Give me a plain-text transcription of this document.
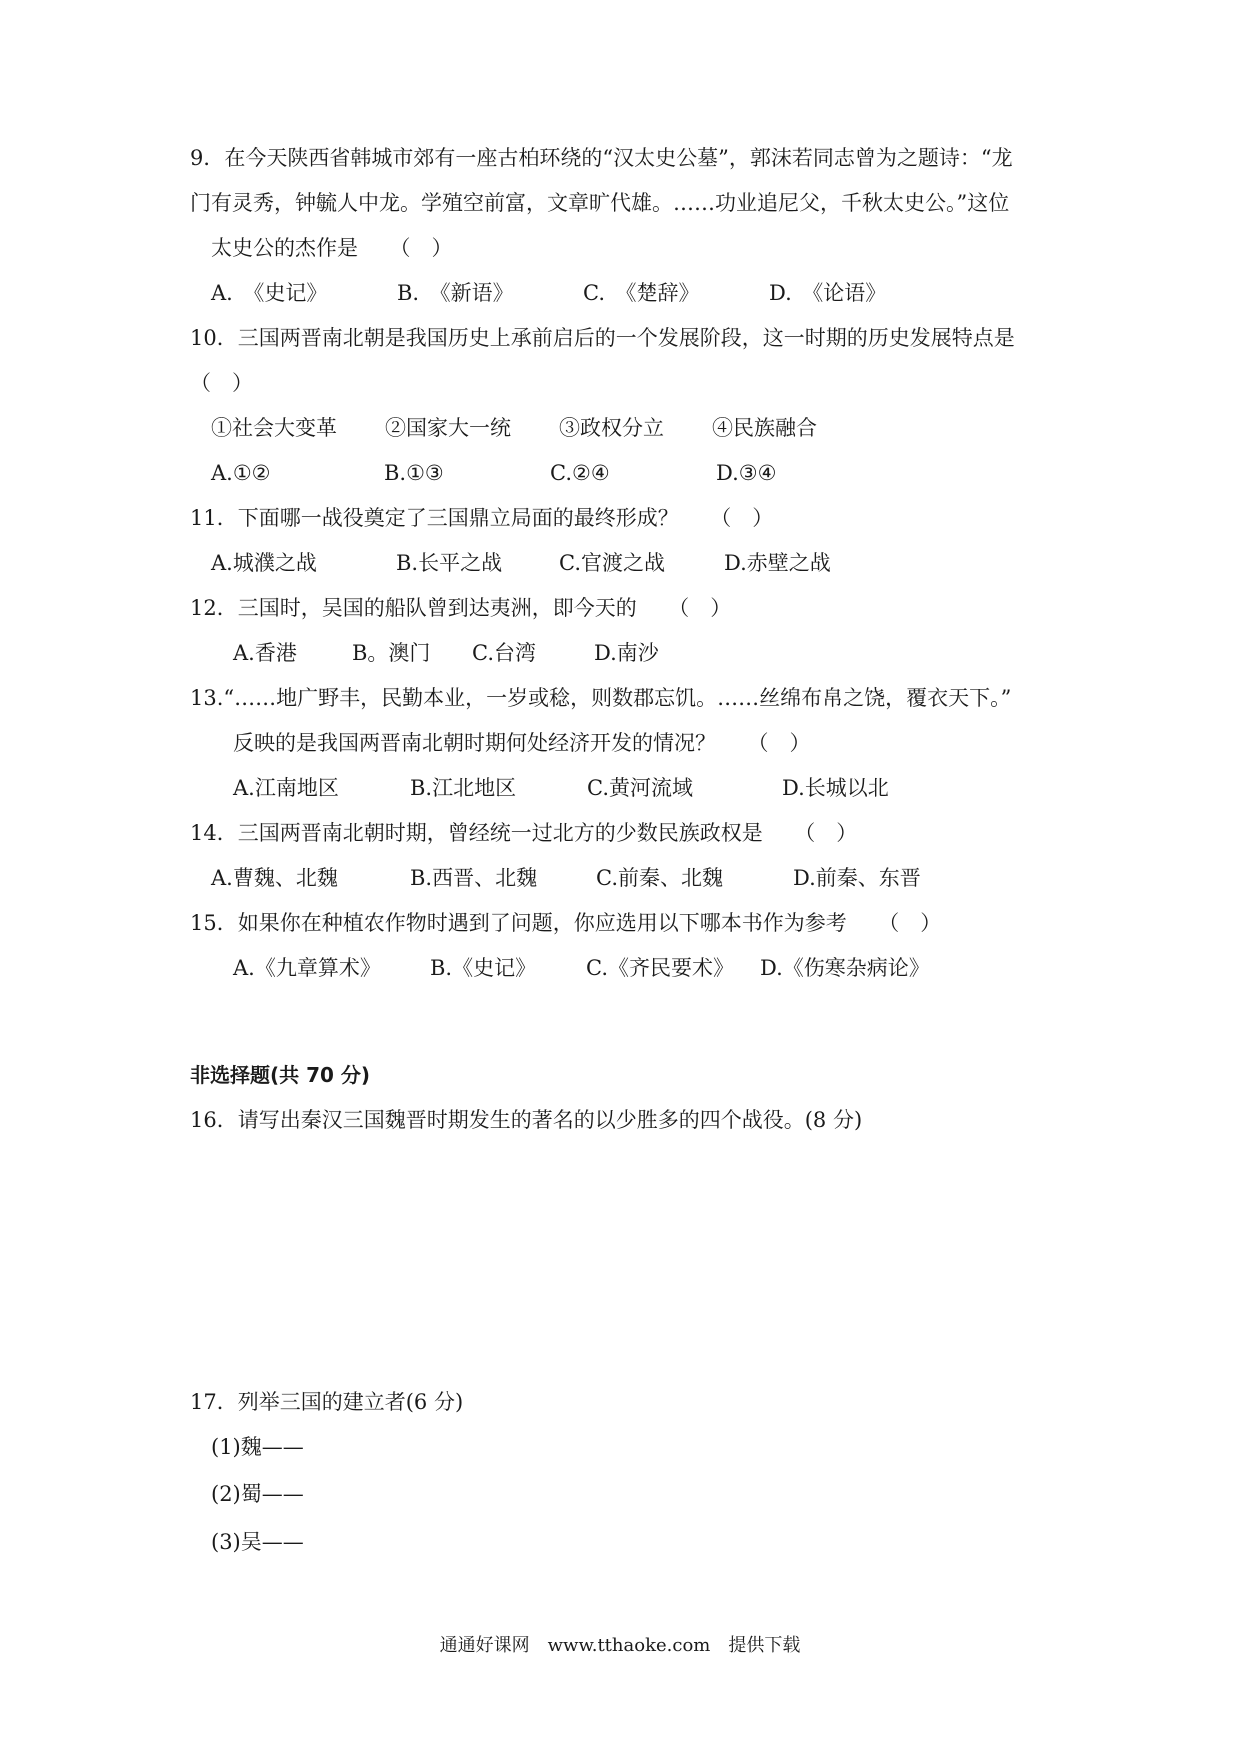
9．在今天陕西省韩城市郊有一座古柏环绕的“汉太史公墓”，郭沫若同志曾为之题诗：“龙
门有灵秀，钟毓人中龙。学殖空前富，文章旷代雄。……功业追尼父，千秋太史公。”这位
太史公的杰作是　　（　）
A.　《史记》	B.　《新语》	C.　《楚辞》	D.　《论语》
10．三国两晋南北朝是我国历史上承前启后的一个发展阶段，这一时期的历史发展特点是
（　）
①社会大变革 ②国家大一统 ③政权分立 ④民族融合
A.①②	B.①③	C.②④	D.③④
11．下面哪一战役奠定了三国鼎立局面的最终形成？　　（　）
A.城濮之战	B.长平之战	C.官渡之战	D.赤壁之战
12．三国时，吴国的船队曾到达夷洲，即今天的　　（　）
A.香港	B。澳门 C.台湾	D.南沙
13.“……地广野丰，民勤本业，一岁或稔，则数郡忘饥。……丝绵布帛之饶，覆衣天下。”
反映的是我国两晋南北朝时期何处经济开发的情况？　　（　）
A.江南地区	B.江北地区	C.黄河流域	D.长城以北
14．三国两晋南北朝时期，曾经统一过北方的少数民族政权是　　（　）
A.曹魏、北魏	B.西晋、北魏	C.前秦、北魏	D.前秦、东晋
15．如果你在种植农作物时遇到了问题，你应选用以下哪本书作为参考　　（　）
A.《九章算术》 B.《史记》 C.《齐民要术》 D.《伤寒杂病论》
非选择题(共 70 分)
16．请写出秦汉三国魏晋时期发生的著名的以少胜多的四个战役。(8 分)
17．列举三国的建立者(6 分)
(1)魏——
(2)蜀——
(3)吴——
通通好课网　www.tthaoke.com　提供下载
